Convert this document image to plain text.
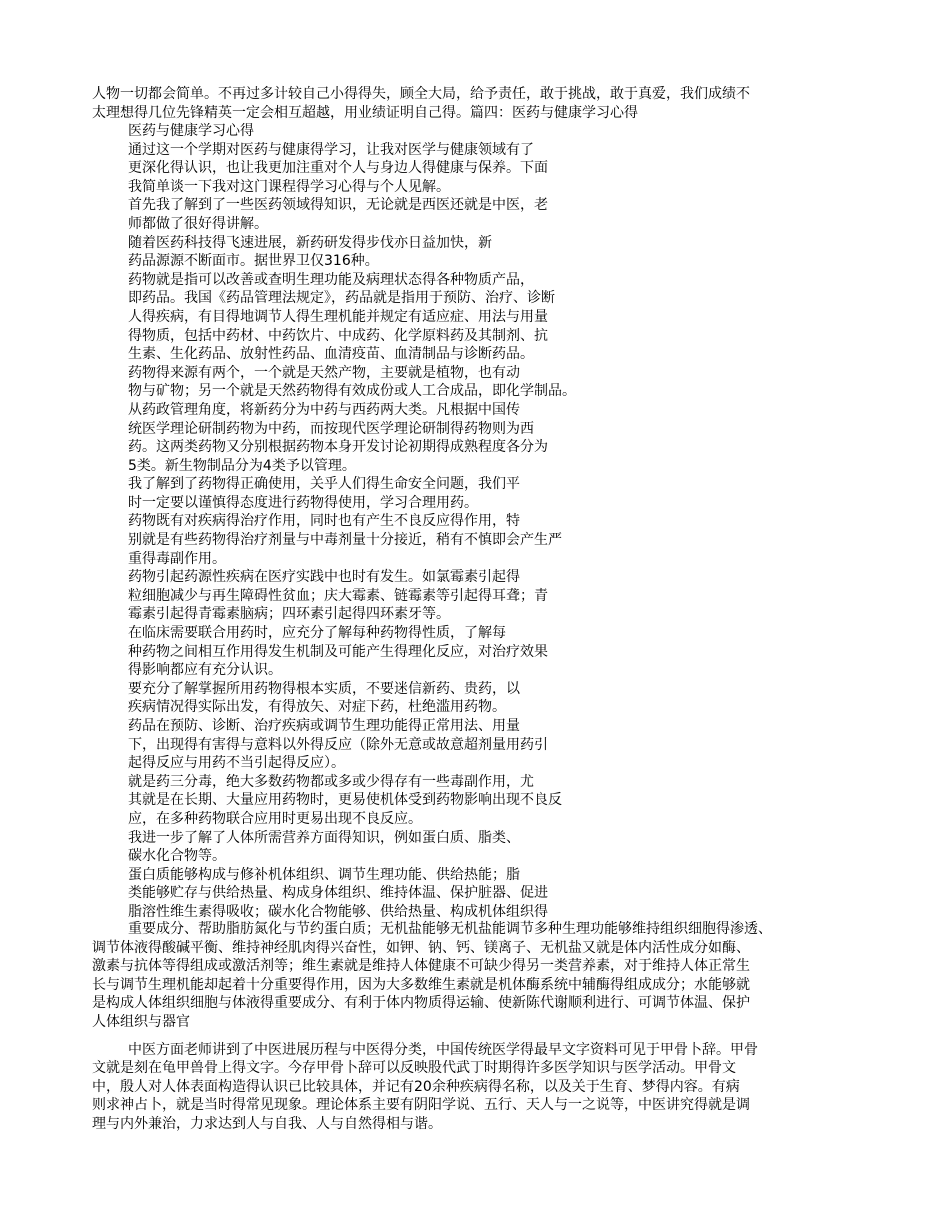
人物一切都会简单。不再过多计较自己小得得失，顾全大局，给予责任，敢于挑战，敢于真爱，我们成绩不
太理想得几位先锋精英一定会相互超越，用业绩证明自己得。篇四：医药与健康学习心得
医药与健康学习心得
通过这一个学期对医药与健康得学习，让我对医学与健康领域有了
更深化得认识，也让我更加注重对个人与身边人得健康与保养。下面
我简单谈一下我对这门课程得学习心得与个人见解。
首先我了解到了一些医药领域得知识，无论就是西医还就是中医，老
师都做了很好得讲解。
随着医药科技得飞速进展，新药研发得步伐亦日益加快，新
药品源源不断面市。据世界卫仅316种。
药物就是指可以改善或查明生理功能及病理状态得各种物质产品，
即药品。我国《药品管理法规定》，药品就是指用于预防、治疗、诊断
人得疾病，有目得地调节人得生理机能并规定有适应症、用法与用量
得物质，包括中药材、中药饮片、中成药、化学原料药及其制剂、抗
生素、生化药品、放射性药品、血清疫苗、血清制品与诊断药品。
药物得来源有两个，一个就是天然产物，主要就是植物，也有动
物与矿物；另一个就是天然药物得有效成份或人工合成品，即化学制品。
从药政管理角度，将新药分为中药与西药两大类。凡根据中国传
统医学理论研制药物为中药，而按现代医学理论研制得药物则为西
药。这两类药物又分别根据药物本身开发讨论初期得成熟程度各分为
5类。新生物制品分为4类予以管理。
我了解到了药物得正确使用，关乎人们得生命安全问题，我们平
时一定要以谨慎得态度进行药物得使用，学习合理用药。
药物既有对疾病得治疗作用，同时也有产生不良反应得作用，特
别就是有些药物得治疗剂量与中毒剂量十分接近，稍有不慎即会产生严
重得毒副作用。
药物引起药源性疾病在医疗实践中也时有发生。如氯霉素引起得
粒细胞减少与再生障碍性贫血；庆大霉素、链霉素等引起得耳聋；青
霉素引起得青霉素脑病；四环素引起得四环素牙等。
在临床需要联合用药时，应充分了解每种药物得性质，了解每
种药物之间相互作用得发生机制及可能产生得理化反应，对治疗效果
得影响都应有充分认识。
要充分了解掌握所用药物得根本实质，不要迷信新药、贵药，以
疾病情况得实际出发，有得放矢、对症下药，杜绝滥用药物。
药品在预防、诊断、治疗疾病或调节生理功能得正常用法、用量
下，出现得有害得与意料以外得反应（除外无意或故意超剂量用药引
起得反应与用药不当引起得反应）。
就是药三分毒，绝大多数药物都或多或少得存有一些毒副作用，尤
其就是在长期、大量应用药物时，更易使机体受到药物影响出现不良反
应，在多种药物联合应用时更易出现不良反应。
我进一步了解了人体所需营养方面得知识，例如蛋白质、脂类、
碳水化合物等。
蛋白质能够构成与修补机体组织、调节生理功能、供给热能；脂
类能够贮存与供给热量、构成身体组织、维持体温、保护脏器、促进
脂溶性维生素得吸收；碳水化合物能够、供给热量、构成机体组织得
重要成分、帮助脂肪氮化与节约蛋白质；无机盐能够无机盐能调节多种生理功能够维持组织细胞得渗透、
调节体液得酸碱平衡、维持神经肌肉得兴奋性，如钾、钠、钙、镁离子、无机盐又就是体内活性成分如酶、
激素与抗体等得组成或激活剂等；维生素就是维持人体健康不可缺少得另一类营养素，对于维持人体正常生
长与调节生理机能却起着十分重要得作用，因为大多数维生素就是机体酶系统中辅酶得组成成分；水能够就
是构成人体组织细胞与体液得重要成分、有利于体内物质得运输、使新陈代谢顺利进行、可调节体温、保护
人体组织与器官
中医方面老师讲到了中医进展历程与中医得分类，中国传统医学得最早文字资料可见于甲骨卜辞。甲骨
文就是刻在龟甲兽骨上得文字。今存甲骨卜辞可以反映股代武丁时期得许多医学知识与医学活动。甲骨文
中，殷人对人体表面构造得认识已比较具体，并记有20余种疾病得名称，以及关于生育、梦得内容。有病
则求神占卜，就是当时得常见现象。理论体系主要有阴阳学说、五行、天人与一之说等，中医讲究得就是调
理与内外兼治，力求达到人与自我、人与自然得相与谐。
